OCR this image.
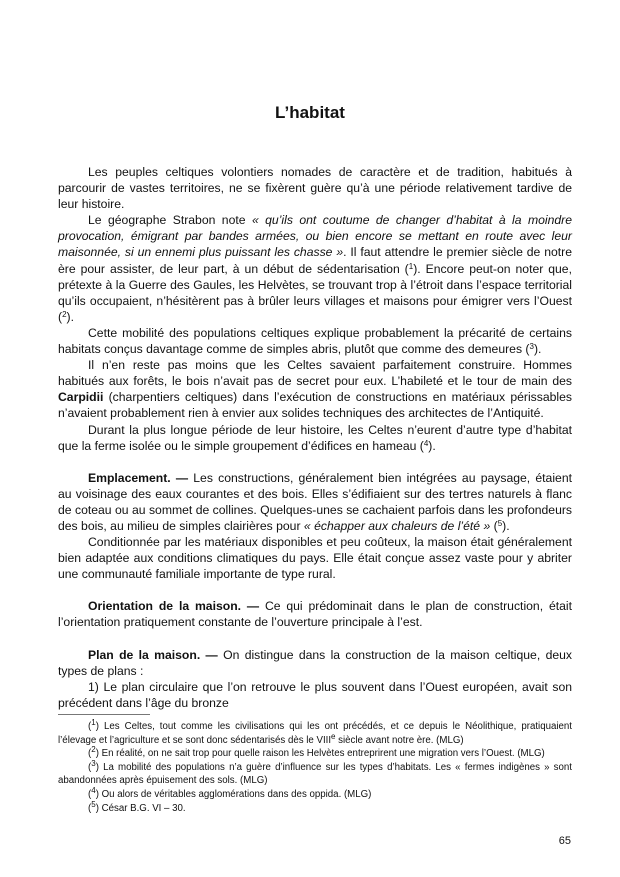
L’habitat

Les peuples celtiques volontiers nomades de caractère et de tradition, habitués à parcourir de vastes territoires, ne se fixèrent guère qu’à une période relativement tardive de leur histoire.

Le géographe Strabon note « qu’ils ont coutume de changer d’habitat à la moindre provocation, émigrant par bandes armées, ou bien encore se mettant en route avec leur maisonnée, si un ennemi plus puissant les chasse ». Il faut attendre le premier siècle de notre ère pour assister, de leur part, à un début de sédentarisation ($^1$). Encore peut-on noter que, prétexte à la Guerre des Gaules, les Helvètes, se trouvant trop à l’étroit dans l’espace territorial qu’ils occupaient, n’hésitèrent pas à brûler leurs villages et maisons pour émigrer vers l’Ouest ($^2$).

Cette mobilité des populations celtiques explique probablement la précarité de certains habitats conçus davantage comme de simples abris, plutôt que comme des demeures ($^3$).

Il n’en reste pas moins que les Celtes savaient parfaitement construire. Hommes habitués aux forêts, le bois n’avait pas de secret pour eux. L’habileté et le tour de main des Carpidii (charpentiers celtiques) dans l’exécution de constructions en matériaux périssables n’avaient probablement rien à envier aux solides techniques des architectes de l’Antiquité.

Durant la plus longue période de leur histoire, les Celtes n’eurent d’autre type d’habitat que la ferme isolée ou le simple groupement d’édifices en hameau ($^4$).

Emplacement. — Les constructions, généralement bien intégrées au paysage, étaient au voisinage des eaux courantes et des bois. Elles s’édifiaient sur des tertres naturels à flanc de coteau ou au sommet de collines. Quelques-unes se cachaient parfois dans les profondeurs des bois, au milieu de simples clairières pour « échapper aux chaleurs de l’été » ($^5$).

Conditionnée par les matériaux disponibles et peu coûteux, la maison était généralement bien adaptée aux conditions climatiques du pays. Elle était conçue assez vaste pour y abriter une communauté familiale importante de type rural.

Orientation de la maison. — Ce qui prédominait dans le plan de construction, était l’orientation pratiquement constante de l’ouverture principale à l’est.

Plan de la maison. — On distingue dans la construction de la maison celtique, deux types de plans :

1) Le plan circulaire que l’on retrouve le plus souvent dans l’Ouest européen, avait son précédent dans l’âge du bronze

($^1$) Les Celtes, tout comme les civilisations qui les ont précédés, et ce depuis le Néolithique, pratiquaient l’élevage et l’agriculture et se sont donc sédentarisés dès le VIIIe siècle avant notre ère. (MLG)

($^2$) En réalité, on ne sait trop pour quelle raison les Helvètes entreprirent une migration vers l’Ouest. (MLG)

($^3$) La mobilité des populations n’a guère d’influence sur les types d’habitats. Les « fermes indigènes » sont abandonnées après épuisement des sols. (MLG)

($^4$) Ou alors de véritables agglomérations dans des oppida. (MLG)

($^5$) César B.G. VI – 30.

65
